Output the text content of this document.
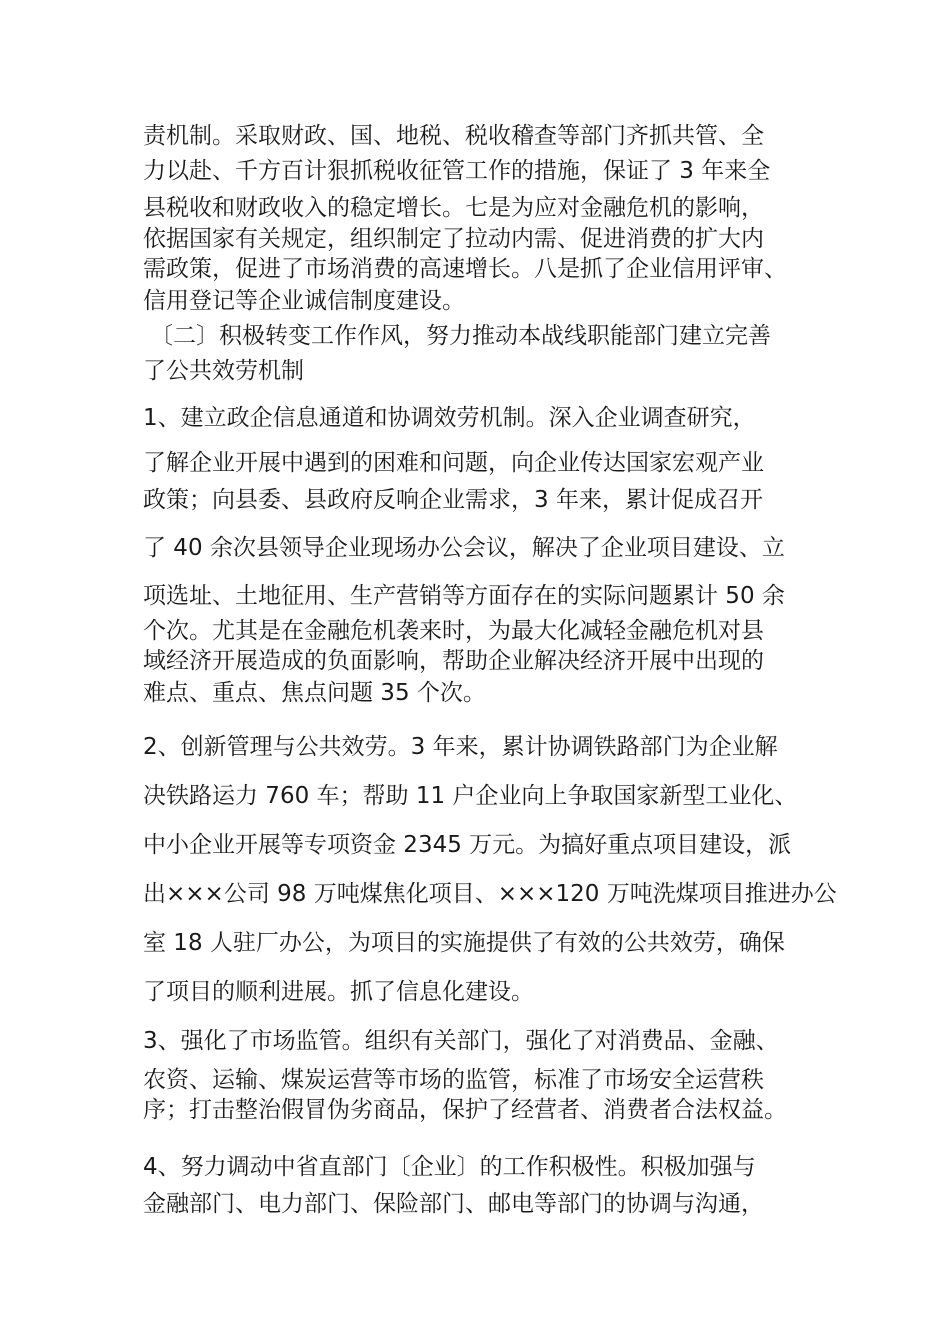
责机制。采取财政、国、地税、税收稽查等部门齐抓共管、全
力以赴、千方百计狠抓税收征管工作的措施，保证了 3 年来全
县税收和财政收入的稳定增长。七是为应对金融危机的影响，
依据国家有关规定，组织制定了拉动内需、促进消费的扩大内
需政策，促进了市场消费的高速增长。八是抓了企业信用评审、
信用登记等企业诚信制度建设。
〔二〕积极转变工作作风，努力推动本战线职能部门建立完善
了公共效劳机制
1、建立政企信息通道和协调效劳机制。深入企业调查研究，
了解企业开展中遇到的困难和问题，向企业传达国家宏观产业
政策；向县委、县政府反响企业需求，3 年来，累计促成召开
了 40 余次县领导企业现场办公会议，解决了企业项目建设、立
项选址、土地征用、生产营销等方面存在的实际问题累计 50 余
个次。尤其是在金融危机袭来时，为最大化减轻金融危机对县
域经济开展造成的负面影响，帮助企业解决经济开展中出现的
难点、重点、焦点问题 35 个次。
2、创新管理与公共效劳。3 年来，累计协调铁路部门为企业解
决铁路运力 760 车；帮助 11 户企业向上争取国家新型工业化、
中小企业开展等专项资金 2345 万元。为搞好重点项目建设，派
出×××公司 98 万吨煤焦化项目、×××120 万吨洗煤项目推进办公
室 18 人驻厂办公，为项目的实施提供了有效的公共效劳，确保
了项目的顺利进展。抓了信息化建设。
3、强化了市场监管。组织有关部门，强化了对消费品、金融、
农资、运输、煤炭运营等市场的监管，标准了市场安全运营秩
序；打击整治假冒伪劣商品，保护了经营者、消费者合法权益。
4、努力调动中省直部门〔企业〕的工作积极性。积极加强与
金融部门、电力部门、保险部门、邮电等部门的协调与沟通，
